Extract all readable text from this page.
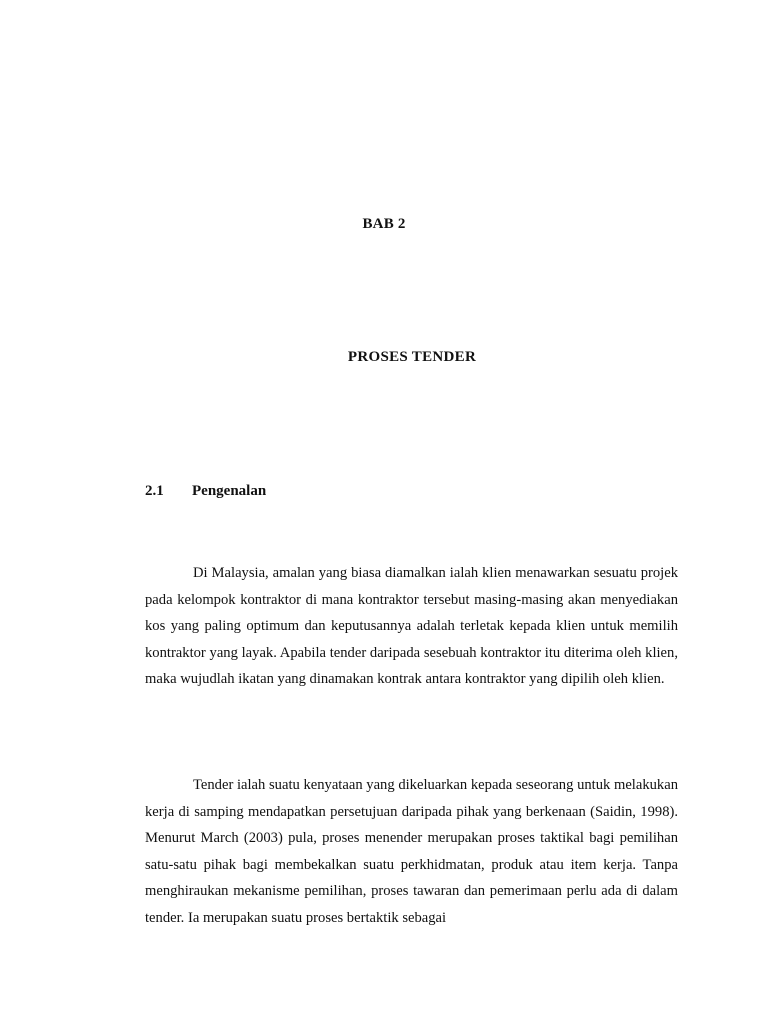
BAB 2
PROSES TENDER
2.1 Pengenalan

Di Malaysia, amalan yang biasa diamalkan ialah klien menawarkan sesuatu projek pada kelompok kontraktor di mana kontraktor tersebut masing-masing akan menyediakan kos yang paling optimum dan keputusannya adalah terletak kepada klien untuk memilih kontraktor yang layak. Apabila tender daripada sesebuah kontraktor itu diterima oleh klien, maka wujudlah ikatan yang dinamakan kontrak antara kontraktor yang dipilih oleh klien.

Tender ialah suatu kenyataan yang dikeluarkan kepada seseorang untuk melakukan kerja di samping mendapatkan persetujuan daripada pihak yang berkenaan (Saidin, 1998). Menurut March (2003) pula, proses menender merupakan proses taktikal bagi pemilihan satu-satu pihak bagi membekalkan suatu perkhidmatan, produk atau item kerja. Tanpa menghiraukan mekanisme pemilihan, proses tawaran dan pemerimaan perlu ada di dalam tender. Ia merupakan suatu proses bertaktik sebagai
